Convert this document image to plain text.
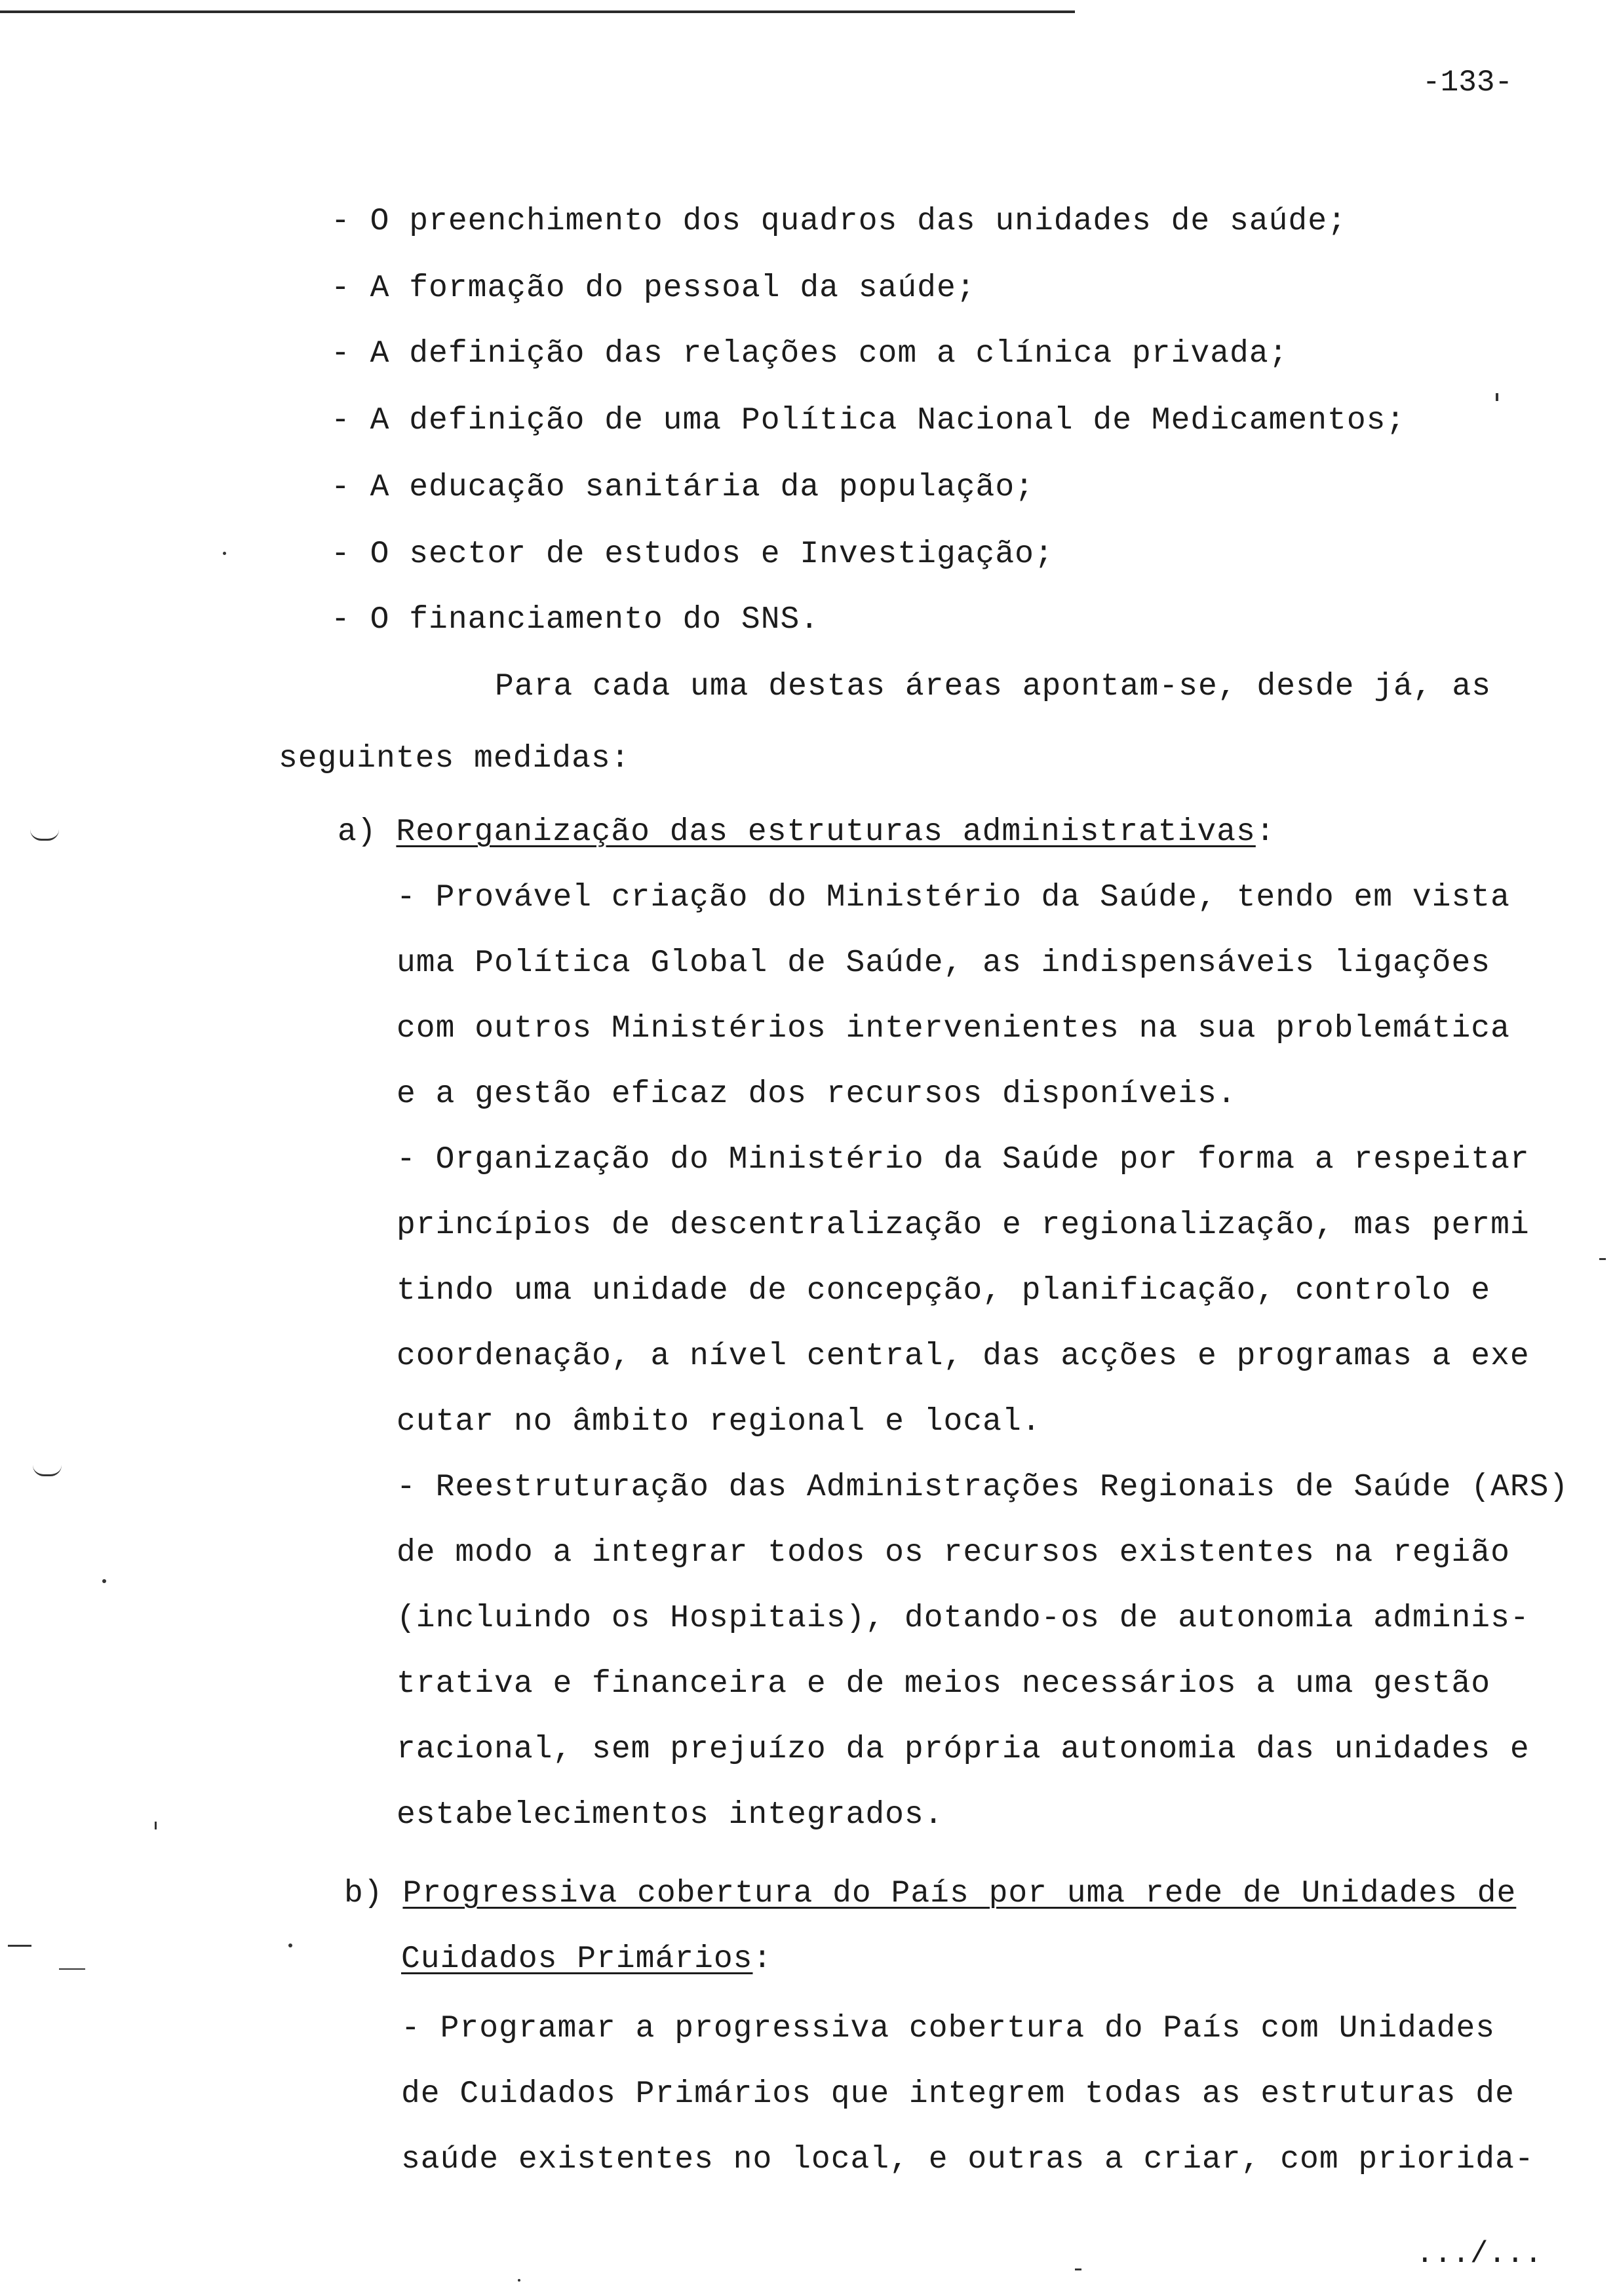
-133-
- O preenchimento dos quadros das unidades de saúde;
- A formação do pessoal da saúde;
- A definição das relações com a clínica privada;
- A definição de uma Política Nacional de Medicamentos;
- A educação sanitária da população;
- O sector de estudos e Investigação;
- O financiamento do SNS.
Para cada uma destas áreas apontam-se, desde já, as
seguintes medidas:
a) Reorganização das estruturas administrativas:
- Provável criação do Ministério da Saúde, tendo em vista
uma Política Global de Saúde, as indispensáveis ligações
com outros Ministérios intervenientes na sua problemática
e a gestão eficaz dos recursos disponíveis.
- Organização do Ministério da Saúde por forma a respeitar
princípios de descentralização e regionalização, mas permi
tindo uma unidade de concepção, planificação, controlo e
coordenação, a nível central, das acções e programas a exe
cutar no âmbito regional e local.
- Reestruturação das Administrações Regionais de Saúde (ARS)
de modo a integrar todos os recursos existentes na região
(incluindo os Hospitais), dotando-os de autonomia adminis-
trativa e financeira e de meios necessários a uma gestão
racional, sem prejuízo da própria autonomia das unidades e
estabelecimentos integrados.
b) Progressiva cobertura do País por uma rede de Unidades de
Cuidados Primários:
- Programar a progressiva cobertura do País com Unidades
de Cuidados Primários que integrem todas as estruturas de
saúde existentes no local, e outras a criar, com priorida-
.../...
